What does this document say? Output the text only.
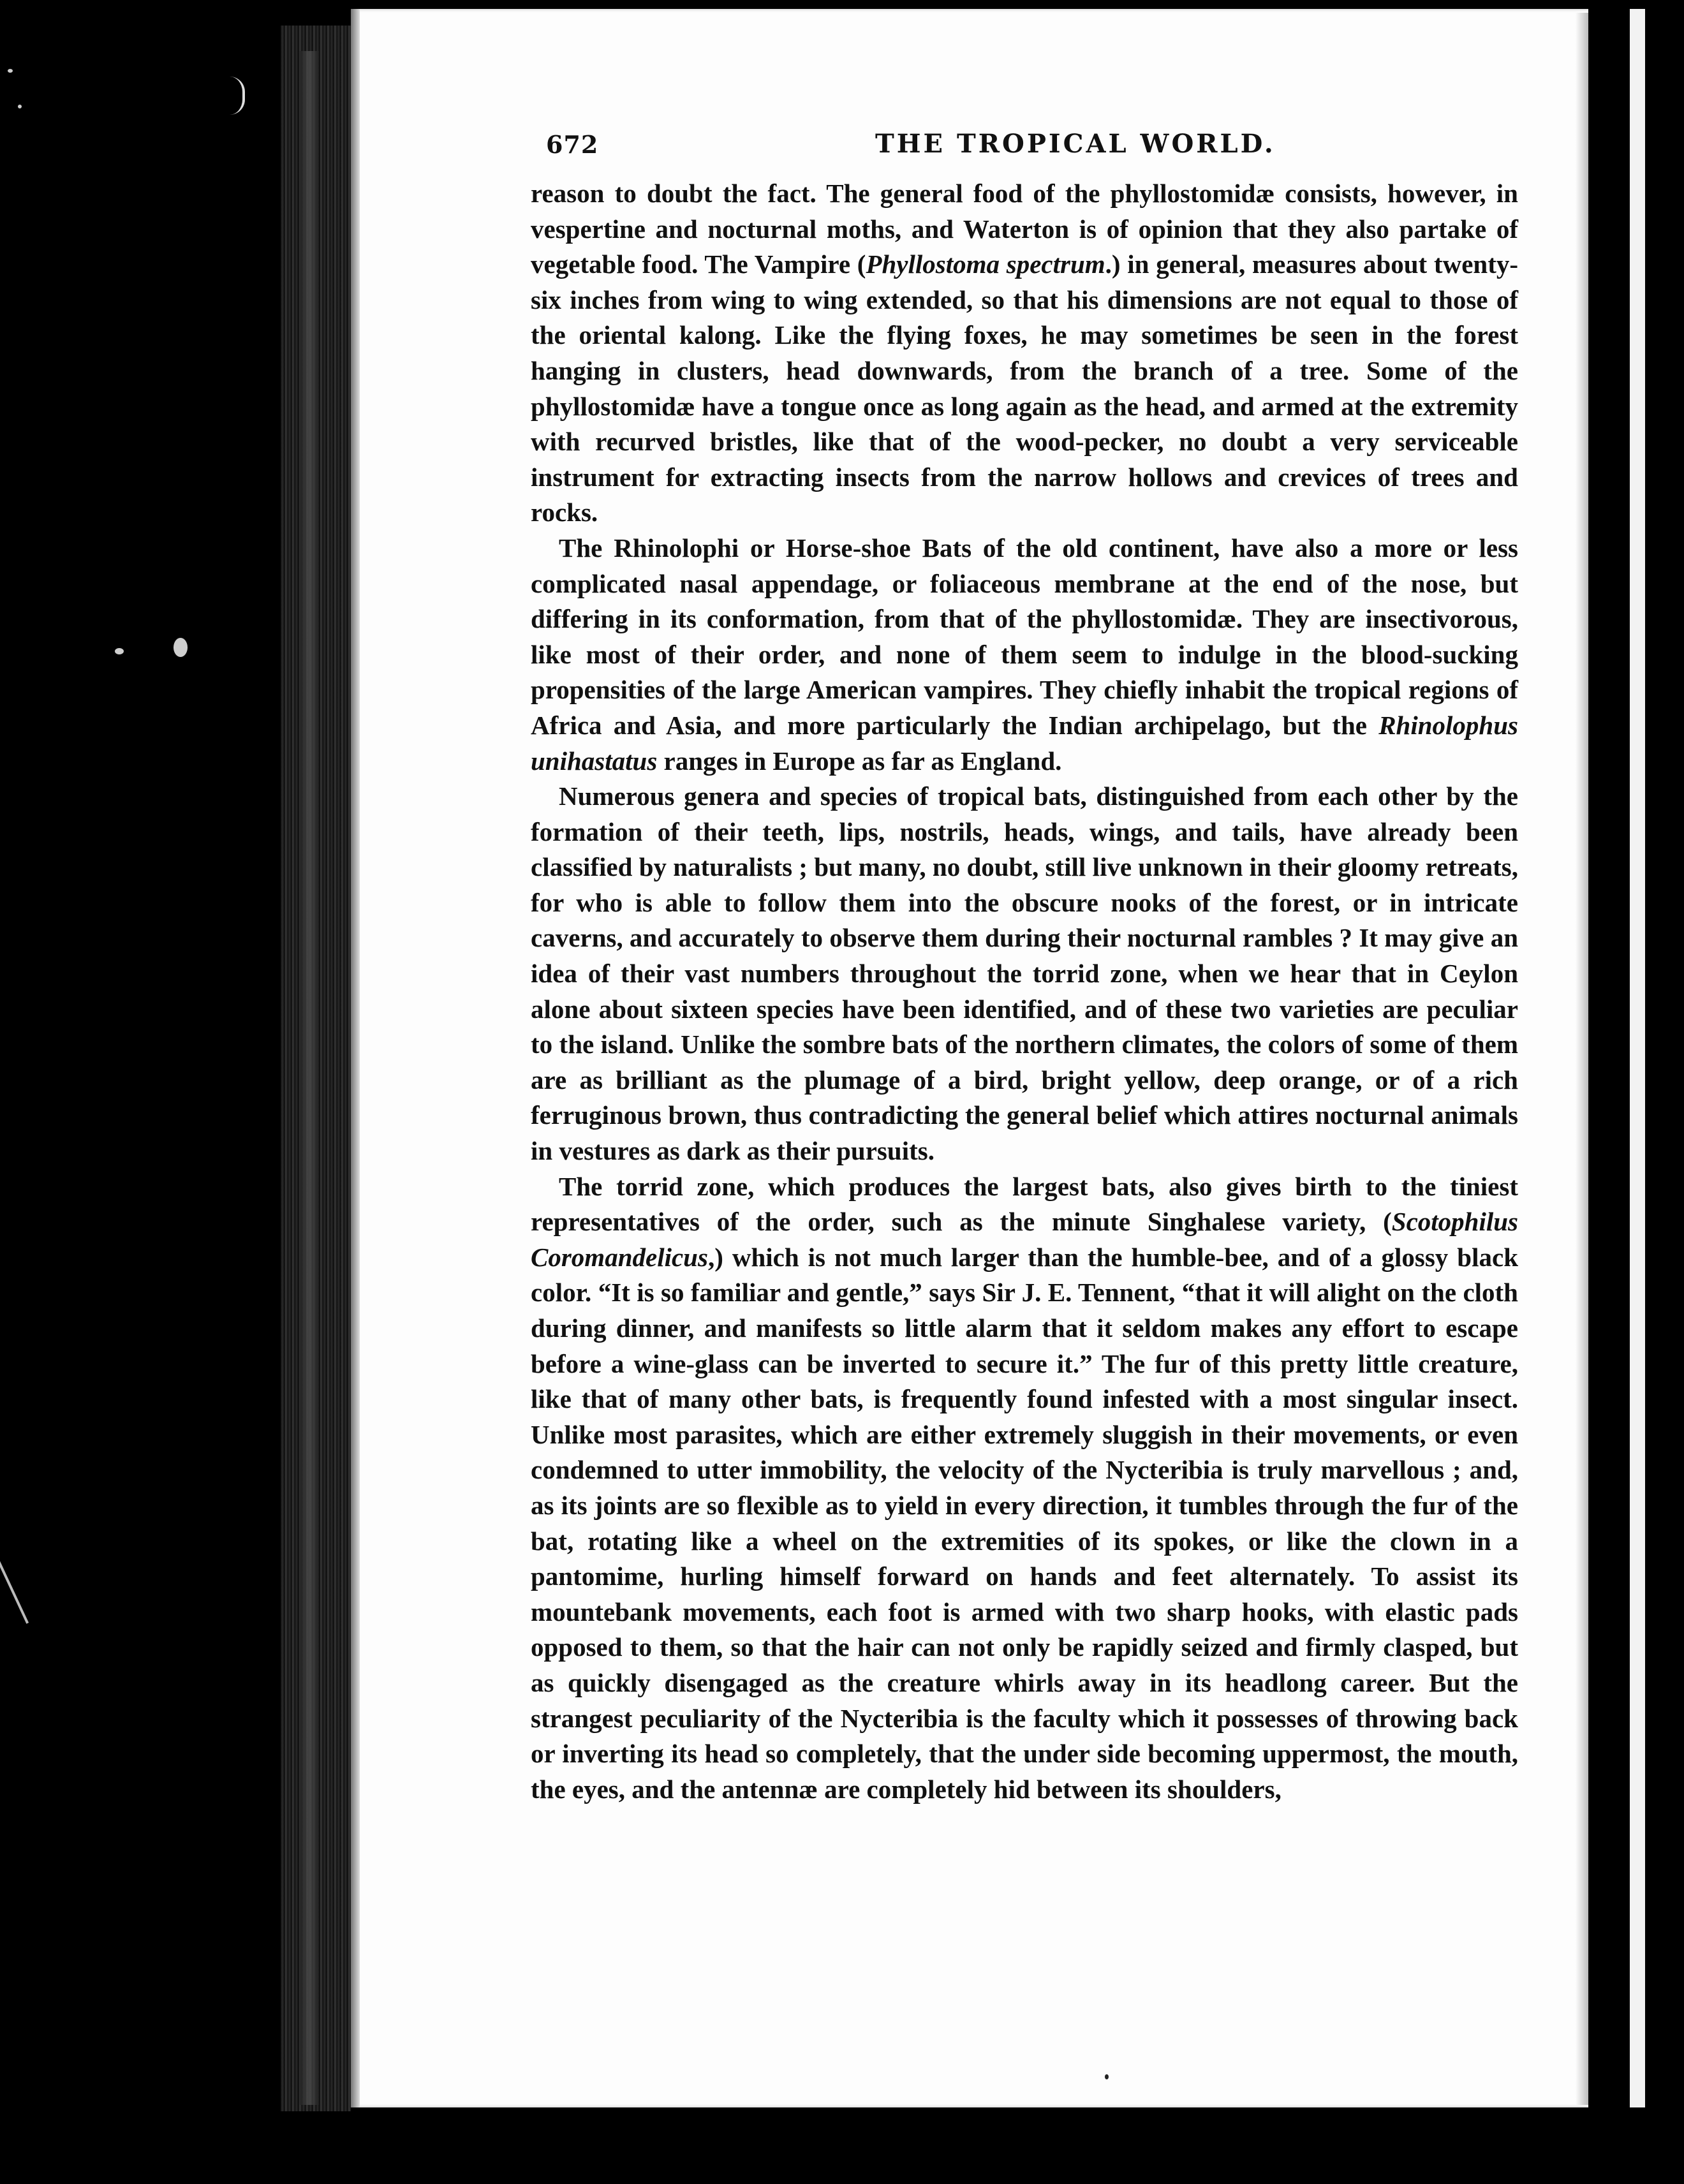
672	THE TROPICAL WORLD.

reason to doubt the fact. The general food of the phyllostomidæ consists, however, in vespertine and nocturnal moths, and Waterton is of opinion that they also partake of vegetable food. The Vampire (Phyllostoma spectrum.) in general, measures about twenty-six inches from wing to wing extended, so that his dimensions are not equal to those of the oriental kalong. Like the flying foxes, he may sometimes be seen in the forest hanging in clusters, head downwards, from the branch of a tree. Some of the phyllostomidæ have a tongue once as long again as the head, and armed at the extremity with recurved bristles, like that of the wood-pecker, no doubt a very serviceable instrument for extracting insects from the narrow hollows and crevices of trees and rocks.

The Rhinolophi or Horse-shoe Bats of the old continent, have also a more or less complicated nasal appendage, or foliaceous membrane at the end of the nose, but differing in its conformation, from that of the phyllostomidæ. They are insectivorous, like most of their order, and none of them seem to indulge in the blood-sucking propensities of the large American vampires. They chiefly inhabit the tropical regions of Africa and Asia, and more particularly the Indian archipelago, but the Rhinolophus unihastatus ranges in Europe as far as England.

Numerous genera and species of tropical bats, distinguished from each other by the formation of their teeth, lips, nostrils, heads, wings, and tails, have already been classified by naturalists ; but many, no doubt, still live unknown in their gloomy retreats, for who is able to follow them into the obscure nooks of the forest, or in intricate caverns, and accurately to observe them during their nocturnal rambles ? It may give an idea of their vast numbers throughout the torrid zone, when we hear that in Ceylon alone about sixteen species have been identified, and of these two varieties are peculiar to the island. Unlike the sombre bats of the northern climates, the colors of some of them are as brilliant as the plumage of a bird, bright yellow, deep orange, or of a rich ferruginous brown, thus contradicting the general belief which attires nocturnal animals in vestures as dark as their pursuits.

The torrid zone, which produces the largest bats, also gives birth to the tiniest representatives of the order, such as the minute Singhalese variety, (Scotophilus Coromandelicus,) which is not much larger than the humble-bee, and of a glossy black color. “It is so familiar and gentle,” says Sir J. E. Tennent, “that it will alight on the cloth during dinner, and manifests so little alarm that it seldom makes any effort to escape before a wine-glass can be inverted to secure it.” The fur of this pretty little creature, like that of many other bats, is frequently found infested with a most singular insect. Unlike most parasites, which are either extremely sluggish in their movements, or even condemned to utter immobility, the velocity of the Nycteribia is truly marvellous ; and, as its joints are so flexible as to yield in every direction, it tumbles through the fur of the bat, rotating like a wheel on the extremities of its spokes, or like the clown in a pantomime, hurling himself forward on hands and feet alternately. To assist its mountebank movements, each foot is armed with two sharp hooks, with elastic pads opposed to them, so that the hair can not only be rapidly seized and firmly clasped, but as quickly disengaged as the creature whirls away in its headlong career. But the strangest peculiarity of the Nycteribia is the faculty which it possesses of throwing back or inverting its head so completely, that the under side becoming uppermost, the mouth, the eyes, and the antennæ are completely hid between its shoulders,
